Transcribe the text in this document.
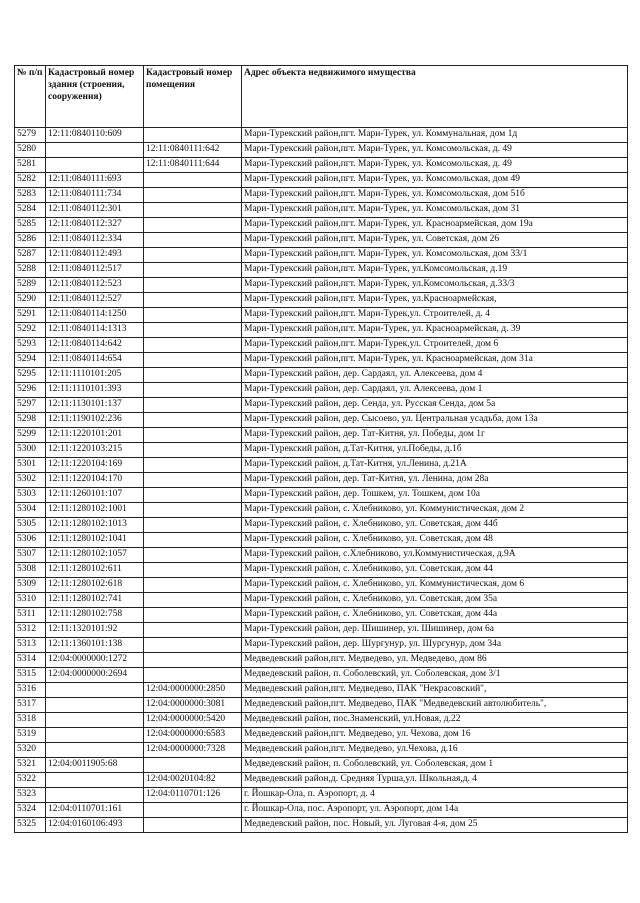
№ п/п	Кадастровый номер здания (строения, сооружения)	Кадастровый номер помещения	Адрес объекта недвижимого имущества
5279	12:11:0840110:609		Мари-Турекский район,пгт. Мари-Турек, ул. Коммунальная, дом 1д
5280		12:11:0840111:642	Мари-Турекский район,пгт. Мари-Турек, ул. Комсомольская, д. 49
5281		12:11:0840111:644	Мари-Турекский район,пгт. Мари-Турек, ул. Комсомольская, д. 49
5282	12:11:0840111:693		Мари-Турекский район,пгт. Мари-Турек, ул. Комсомольская, дом 49
5283	12:11:0840111:734		Мари-Турекский район,пгт. Мари-Турек, ул. Комсомольская, дом 51б
5284	12:11:0840112:301		Мари-Турекский район,пгт. Мари-Турек, ул. Комсомольская, дом 31
5285	12:11:0840112:327		Мари-Турекский район,пгт. Мари-Турек, ул. Красноармейская, дом 19а
5286	12:11:0840112:334		Мари-Турекский район,пгт. Мари-Турек, ул. Советская, дом 26
5287	12:11:0840112:493		Мари-Турекский район,пгт. Мари-Турек, ул. Комсомольская, дом 33/1
5288	12:11:0840112:517		Мари-Турекский район,пгт. Мари-Турек, ул.Комсомольская, д.19
5289	12:11:0840112:523		Мари-Турекский район,пгт. Мари-Турек, ул.Комсомольская, д.33/3
5290	12:11:0840112:527		Мари-Турекский район,пгт. Мари-Турек, ул.Красноармейская,
5291	12:11:0840114:1250		Мари-Турекский район,пгт. Мари-Турек,ул. Строителей, д. 4
5292	12:11:0840114:1313		Мари-Турекский район,пгт. Мари-Турек, ул. Красноармейская, д. 39
5293	12:11:0840114:642		Мари-Турекский район,пгт. Мари-Турек,ул. Строителей, дом 6
5294	12:11:0840114:654		Мари-Турекский район,пгт. Мари-Турек, ул. Красноармейская, дом 31а
5295	12:11:1110101:205		Мари-Турекский район, дер. Сардаял, ул. Алексеева, дом 4
5296	12:11:1110101:393		Мари-Турекский район, дер. Сардаял, ул. Алексеева, дом 1
5297	12:11:1130101:137		Мари-Турекский район, дер. Сенда, ул. Русская Сенда, дом 5а
5298	12:11:1190102:236		Мари-Турекский район, дер. Сысоево, ул. Центральная усадьба, дом 13а
5299	12:11:1220101:201		Мари-Турекский район, дер. Тат-Китня, ул. Победы, дом 1г
5300	12:11:1220103:215		Мари-Турекский район, д.Тат-Китня, ул.Победы, д.1б
5301	12:11:1220104:169		Мари-Турекский район, д.Тат-Китня, ул.Ленина, д.21А
5302	12:11:1220104:170		Мари-Турекский район, дер. Тат-Китня, ул. Ленина, дом 28а
5303	12:11:1260101:107		Мари-Турекский район, дер. Тошкем, ул. Тошкем, дом 10а
5304	12:11:1280102:1001		Мари-Турекский район, с. Хлебниково, ул. Коммунистическая, дом 2
5305	12:11:1280102:1013		Мари-Турекский район, с. Хлебниково, ул. Советская, дом 44б
5306	12:11:1280102:1041		Мари-Турекский район, с. Хлебниково, ул. Советская, дом 48
5307	12:11:1280102:1057		Мари-Турекский район, с.Хлебниково, ул.Коммунистическая, д.9А
5308	12:11:1280102:611		Мари-Турекский район, с. Хлебниково, ул. Советская, дом 44
5309	12:11:1280102:618		Мари-Турекский район, с. Хлебниково, ул. Коммунистическая, дом 6
5310	12:11:1280102:741		Мари-Турекский район, с. Хлебниково, ул. Советская, дом 35а
5311	12:11:1280102:758		Мари-Турекский район, с. Хлебниково, ул. Советская, дом 44а
5312	12:11:1320101:92		Мари-Турекский район, дер. Шишинер, ул. Шишинер, дом 6а
5313	12:11:1360101:138		Мари-Турекский район, дер. Шургунур, ул. Шургунур, дом 34а
5314	12:04:0000000:1272		Медведевский район,пгт. Медведево, ул. Медведево, дом 86
5315	12:04:0000000:2694		Медведевский район, п. Соболевский, ул. Соболевская, дом 3/1
5316		12:04:0000000:2850	Медведевский район,пгт. Медведево, ПАК "Некрасовский",
5317		12:04:0000000:3081	Медведевский район,пгт. Медведево, ПАК "Медведевский автолюбитель",
5318		12:04:0000000:5420	Медведевский район, пос.Знаменский, ул.Новая, д.22
5319		12:04:0000000:6583	Медведевский район,пгт. Медведево, ул. Чехова, дом 16
5320		12:04:0000000:7328	Медведевский район,пгт. Медведево, ул.Чехова, д.16
5321	12:04:0011905:68		Медведевский район, п. Соболевский, ул. Соболевская, дом 1
5322		12:04:0020104:82	Медведевский район,д. Средняя Турша,ул. Школьная,д. 4
5323		12:04:0110701:126	г. Йошкар-Ола, п. Аэропорт, д. 4
5324	12:04:0110701:161		г. Йошкар-Ола, пос. Аэропорт, ул. Аэропорт, дом 14а
5325	12:04:0160106:493		Медведевский район, пос. Новый, ул. Луговая 4-я, дом 25
